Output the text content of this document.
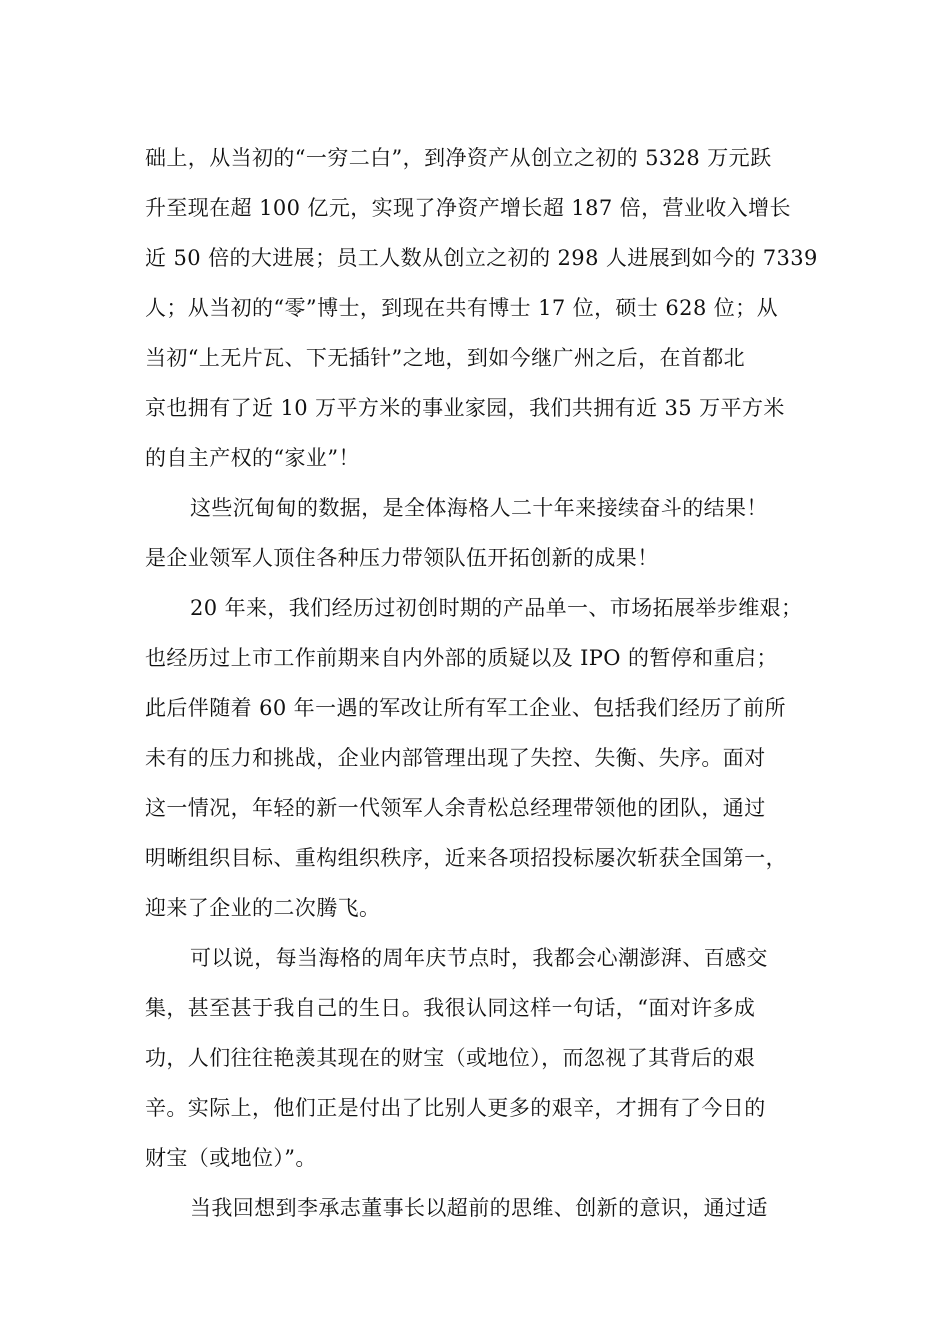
础上，从当初的“一穷二白”，到净资产从创立之初的 5328 万元跃
升至现在超 100 亿元，实现了净资产增长超 187 倍，营业收入增长
近 50 倍的大进展；员工人数从创立之初的 298 人进展到如今的 7339
人；从当初的“零”博士，到现在共有博士 17 位，硕士 628 位；从
当初“上无片瓦、下无插针”之地，到如今继广州之后，在首都北
京也拥有了近 10 万平方米的事业家园，我们共拥有近 35 万平方米
的自主产权的“家业”！
这些沉甸甸的数据，是全体海格人二十年来接续奋斗的结果！
是企业领军人顶住各种压力带领队伍开拓创新的成果！
20 年来，我们经历过初创时期的产品单一、市场拓展举步维艰；
也经历过上市工作前期来自内外部的质疑以及 IPO 的暂停和重启；
此后伴随着 60 年一遇的军改让所有军工企业、包括我们经历了前所
未有的压力和挑战，企业内部管理出现了失控、失衡、失序。面对
这一情况，年轻的新一代领军人余青松总经理带领他的团队，通过
明晰组织目标、重构组织秩序，近来各项招投标屡次斩获全国第一，
迎来了企业的二次腾飞。
可以说，每当海格的周年庆节点时，我都会心潮澎湃、百感交
集，甚至甚于我自己的生日。我很认同这样一句话，“面对许多成
功，人们往往艳羡其现在的财宝（或地位），而忽视了其背后的艰
辛。实际上，他们正是付出了比别人更多的艰辛，才拥有了今日的
财宝（或地位）”。
当我回想到李承志董事长以超前的思维、创新的意识，通过适
